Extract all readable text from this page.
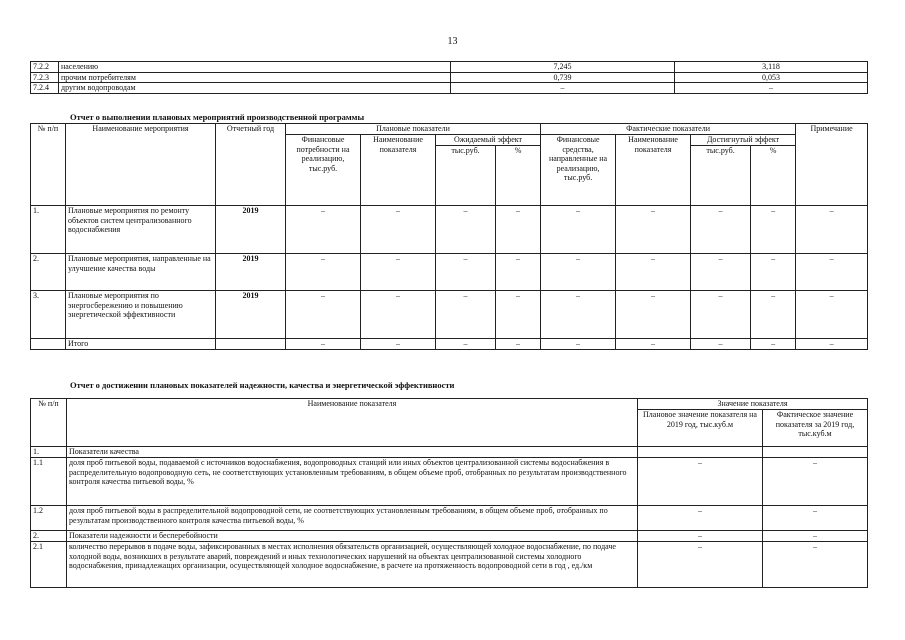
13
7.2.2	населению	7,245	3,118
7.2.3	прочим потребителям	0,739	0,053
7.2.4	другим водопроводам	–	–
Отчет о выполнении плановых мероприятий производственной программы
№ п/п	Наименование мероприятия	Отчетный год	Плановые показатели				Фактические показатели				Примечание
			Финансовые потребности на реализацию, тыс.руб.	Наименование показателя	Ожидаемый эффект		Финансовые средства, направленные на реализацию, тыс.руб.	Наименование показателя	Достигнутый эффект		
					тыс.руб.	%			тыс.руб.	%	
1.	Плановые мероприятия по ремонту объектов систем централизованного водоснабжения	2019	–	–	–	–	–	–	–	–	–
2.	Плановые мероприятия, направленные на улучшение качества воды	2019	–	–	–	–	–	–	–	–	–
3.	Плановые мероприятия по энергосбережению и повышению энергетической эффективности	2019	–	–	–	–	–	–	–	–	–
	Итого		–	–	–	–	–	–	–	–	–
Отчет о достижении плановых показателей надежности, качества и энергетической эффективности
№ п/п	Наименование показателя	Значение показателя	
		Плановое значение показателя на 2019 год, тыс.куб.м	Фактическое значение показателя за 2019 год, тыс.куб.м
1.	Показатели качества		
1.1	доля проб питьевой воды, подаваемой с источников водоснабжения, водопроводных станций или иных объектов централизованной системы водоснабжения в распределительную водопроводную сеть, не соответствующих установленным требованиям, в общем объеме проб, отобранных по результатам производственного контроля качества питьевой воды, %	–	–
1.2	доля проб питьевой воды в распределительной водопроводной сети, не соответствующих установленным требованиям, в общем объеме проб, отобранных по результатам производственного контроля качества питьевой воды, %	–	–
2.	Показатели надежности и бесперебойности	–	–
2.1	количество перерывов в подаче воды, зафиксированных в местах исполнения обязательств организацией, осуществляющей холодное водоснабжение, по подаче холодной воды, возникших в результате аварий, повреждений и иных технологических нарушений на объектах централизованной системы холодного водоснабжения, принадлежащих организации, осуществляющей холодное водоснабжение, в расчете на протяженность водопроводной сети в год , ед./км	–	–
